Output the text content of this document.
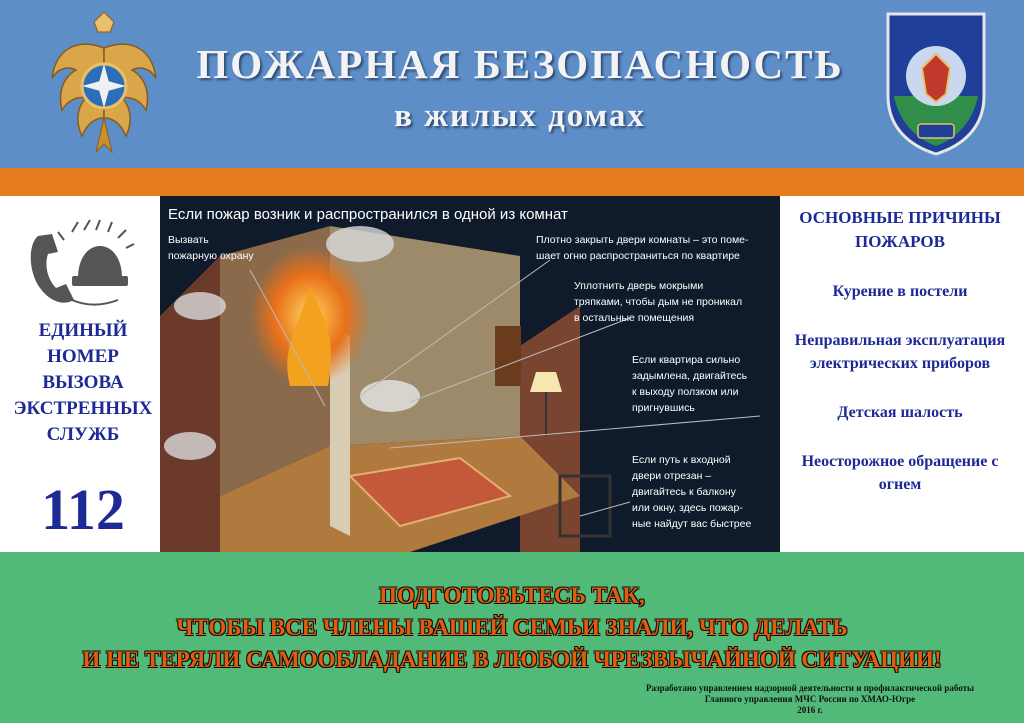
ПОЖАРНАЯ БЕЗОПАСНОСТЬ
в жилых домах
ЕДИНЫЙ
НОМЕР
ВЫЗОВА
ЭКСТРЕННЫХ
СЛУЖБ
112
Если пожар возник и распространился в одной из комнат
Вызвать
пожарную охрану
Плотно закрыть двери комнаты – это поме-
шает огню распространиться по квартире
Уплотнить дверь мокрыми
тряпками, чтобы дым не проникал
в остальные помещения
Если квартира сильно
задымлена, двигайтесь
к выходу ползком или
пригнувшись
Если путь к входной
двери отрезан –
двигайтесь к балкону
или окну, здесь пожар-
ные найдут вас быстрее
ОСНОВНЫЕ ПРИЧИНЫ ПОЖАРОВ
Курение в постели
Неправильная эксплуатация электрических приборов
Детская шалость
Неосторожное обращение с огнем
ПОДГОТОВЬТЕСЬ ТАК,
ЧТОБЫ ВСЕ ЧЛЕНЫ ВАШЕЙ СЕМЬИ ЗНАЛИ, ЧТО ДЕЛАТЬ
И НЕ ТЕРЯЛИ САМООБЛАДАНИЕ В ЛЮБОЙ ЧРЕЗВЫЧАЙНОЙ СИТУАЦИИ!
Разработано управлением надзорной деятельности и профилактической работы
Главного управления МЧС России по ХМАО-Югре
2016 г.
